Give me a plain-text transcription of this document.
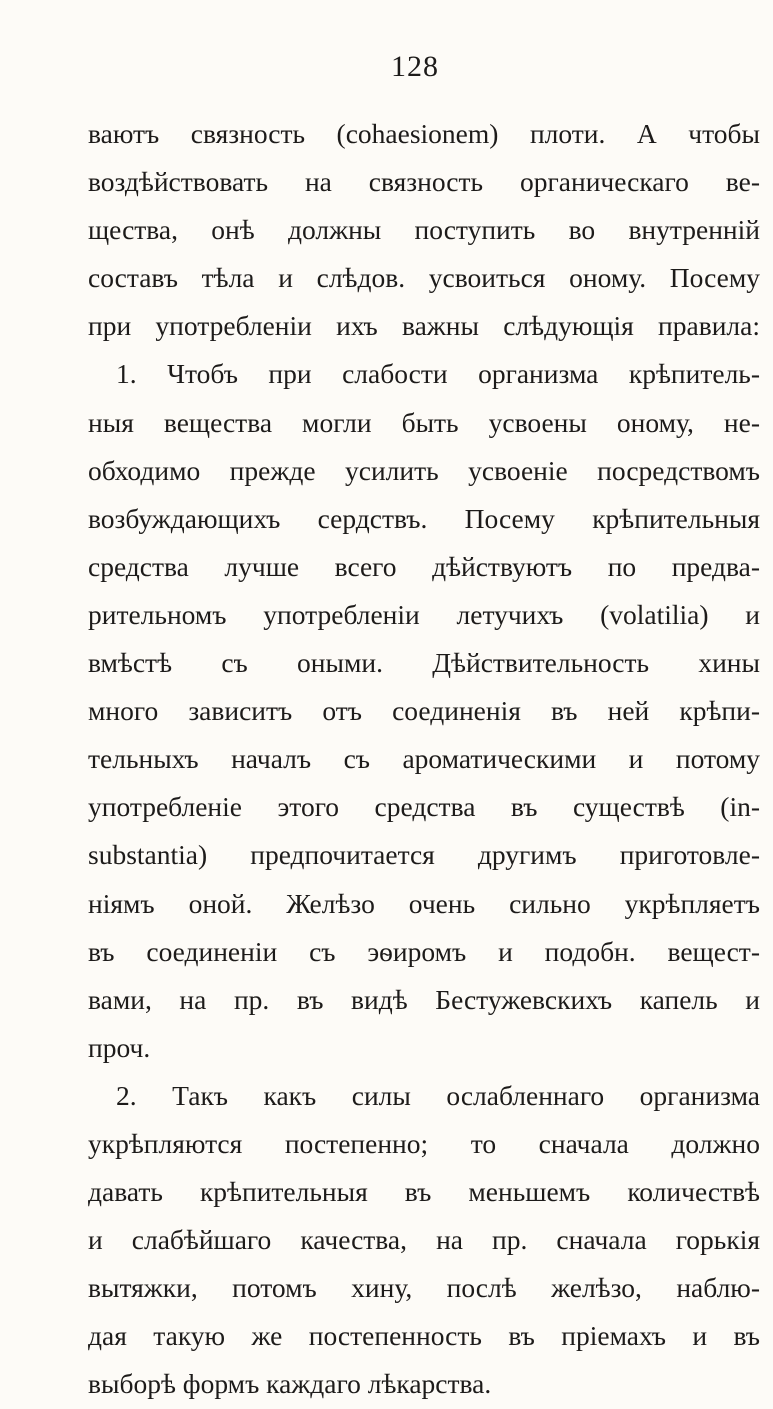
128
ваютъ связность (cohaesionem) плоти. А чтобы
воздѣйствовать на связность органическаго ве-
щества, онѣ должны поступить во внутренній
составъ тѣла и слѣдов. усвоиться оному. Посему
при употребленіи ихъ важны слѣдующія правила:
1. Чтобъ при слабости организма крѣпитель-
ныя вещества могли быть усвоены оному, не-
обходимо прежде усилить усвоеніе посредствомъ
возбуждающихъ сердствъ. Посему крѣпительныя
средства лучше всего дѣйствуютъ по предва-
рительномъ употребленіи летучихъ (volatilia) и
вмѣстѣ съ оными. Дѣйствительность хины
много зависитъ отъ соединенія въ ней крѣпи-
тельныхъ началъ съ ароматическими и потому
употребленіе этого средства въ существѣ (in-
substantia) предпочитается другимъ приготовле-
ніямъ оной. Желѣзо очень сильно укрѣпляетъ
въ соединеніи съ эѳиромъ и подобн. вещест-
вами, на пр. въ видѣ Бестужевскихъ капель и
проч.
2. Такъ какъ силы ослабленнаго организма
укрѣпляются постепенно; то сначала должно
давать крѣпительныя въ меньшемъ количествѣ
и слабѣйшаго качества, на пр. сначала горькія
вытяжки, потомъ хину, послѣ желѣзо, наблю-
дая такую же постепенность въ пріемахъ и въ
выборѣ формъ каждаго лѣкарства.
